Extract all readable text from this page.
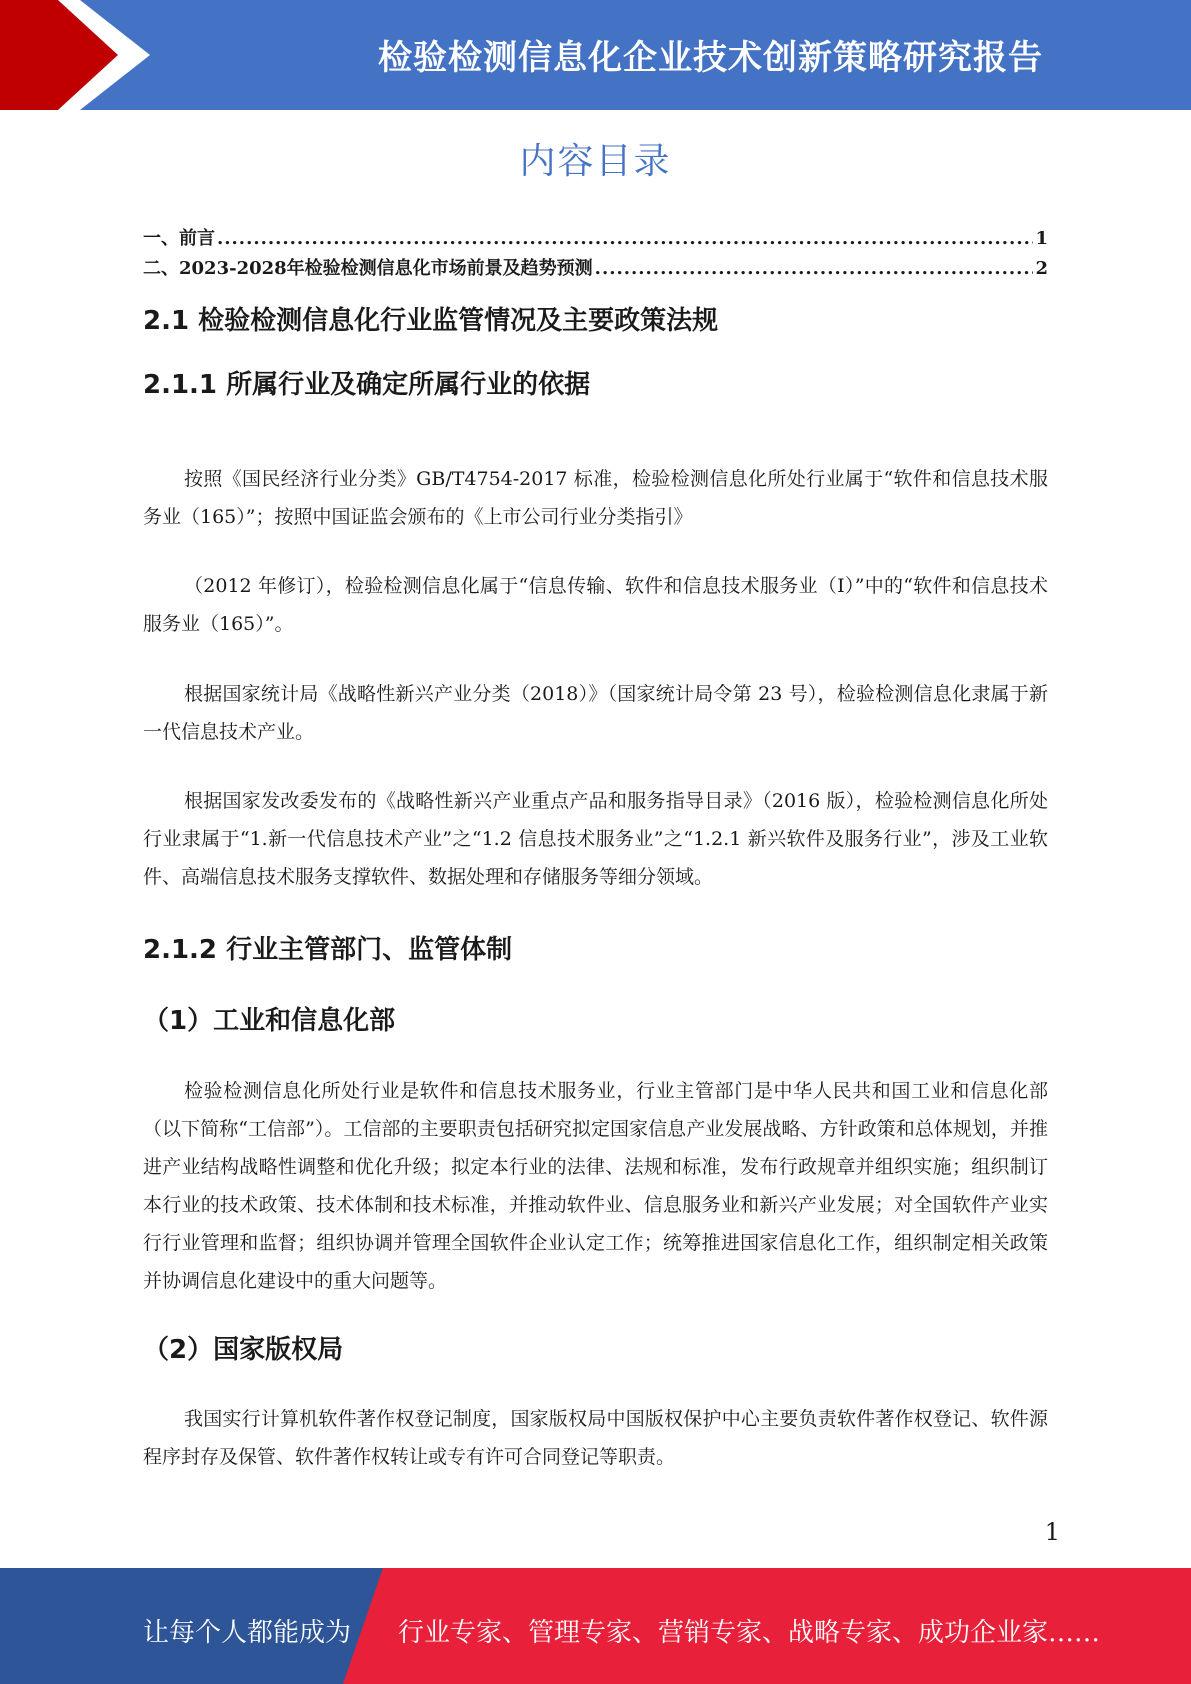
检验检测信息化企业技术创新策略研究报告
内容目录
一、前言 .....	1
二、2023-2028年检验检测信息化市场前景及趋势预测 .....	2
2.1 检验检测信息化行业监管情况及主要政策法规
2.1.1 所属行业及确定所属行业的依据

按照《国民经济行业分类》GB/T4754-2017 标准，检验检测信息化所处行业属于“软件和信息技术服务业（165）”；按照中国证监会颁布的《上市公司行业分类指引》

（2012 年修订），检验检测信息化属于“信息传输、软件和信息技术服务业（I）”中的“软件和信息技术服务业（165）”。

根据国家统计局《战略性新兴产业分类（2018）》（国家统计局令第 23 号），检验检测信息化隶属于新一代信息技术产业。

根据国家发改委发布的《战略性新兴产业重点产品和服务指导目录》（2016 版），检验检测信息化所处行业隶属于“1.新一代信息技术产业”之“1.2 信息技术服务业”之“1.2.1 新兴软件及服务行业”，涉及工业软件、高端信息技术服务支撑软件、数据处理和存储服务等细分领域。

2.1.2 行业主管部门、监管体制
（1）工业和信息化部

检验检测信息化所处行业是软件和信息技术服务业，行业主管部门是中华人民共和国工业和信息化部（以下简称“工信部”）。工信部的主要职责包括研究拟定国家信息产业发展战略、方针政策和总体规划，并推进产业结构战略性调整和优化升级；拟定本行业的法律、法规和标准，发布行政规章并组织实施；组织制订本行业的技术政策、技术体制和技术标准，并推动软件业、信息服务业和新兴产业发展；对全国软件产业实行行业管理和监督；组织协调并管理全国软件企业认定工作；统筹推进国家信息化工作，组织制定相关政策并协调信息化建设中的重大问题等。

（2）国家版权局

我国实行计算机软件著作权登记制度，国家版权局中国版权保护中心主要负责软件著作权登记、软件源程序封存及保管、软件著作权转让或专有许可合同登记等职责。

1
让每个人都能成为 行业专家、管理专家、营销专家、战略专家、成功企业家……
